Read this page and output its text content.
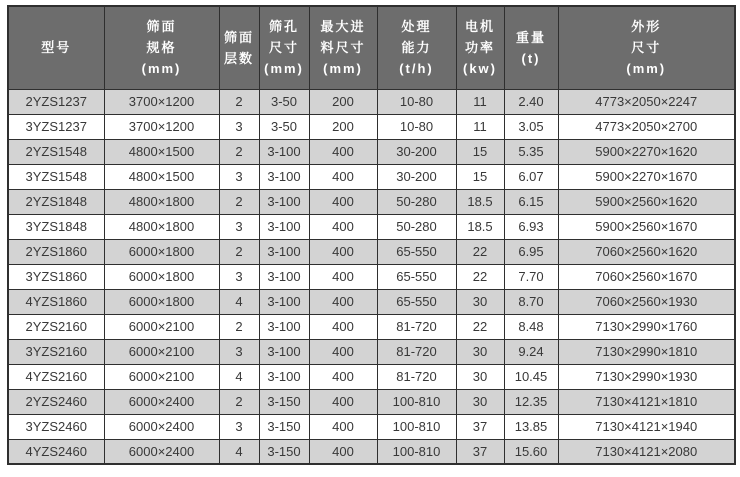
型号

筛面
规格
(mm)

筛面
层数

筛孔
尺寸
(mm)

最大进
料尺寸
(mm)

处理
能力
(t/h)

电机
功率
(kw)

重量
(t)

外形
尺寸
(mm)

2YZS1237	3700×1200	2	3-50	200	10-80	11	2.40	4773×2050×2247
3YZS1237	3700×1200	3	3-50	200	10-80	11	3.05	4773×2050×2700
2YZS1548	4800×1500	2	3-100	400	30-200	15	5.35	5900×2270×1620
3YZS1548	4800×1500	3	3-100	400	30-200	15	6.07	5900×2270×1670
2YZS1848	4800×1800	2	3-100	400	50-280	18.5	6.15	5900×2560×1620
3YZS1848	4800×1800	3	3-100	400	50-280	18.5	6.93	5900×2560×1670
2YZS1860	6000×1800	2	3-100	400	65-550	22	6.95	7060×2560×1620
3YZS1860	6000×1800	3	3-100	400	65-550	22	7.70	7060×2560×1670
4YZS1860	6000×1800	4	3-100	400	65-550	30	8.70	7060×2560×1930
2YZS2160	6000×2100	2	3-100	400	81-720	22	8.48	7130×2990×1760
3YZS2160	6000×2100	3	3-100	400	81-720	30	9.24	7130×2990×1810
4YZS2160	6000×2100	4	3-100	400	81-720	30	10.45	7130×2990×1930
2YZS2460	6000×2400	2	3-150	400	100-810	30	12.35	7130×4121×1810
3YZS2460	6000×2400	3	3-150	400	100-810	37	13.85	7130×4121×1940
4YZS2460	6000×2400	4	3-150	400	100-810	37	15.60	7130×4121×2080
